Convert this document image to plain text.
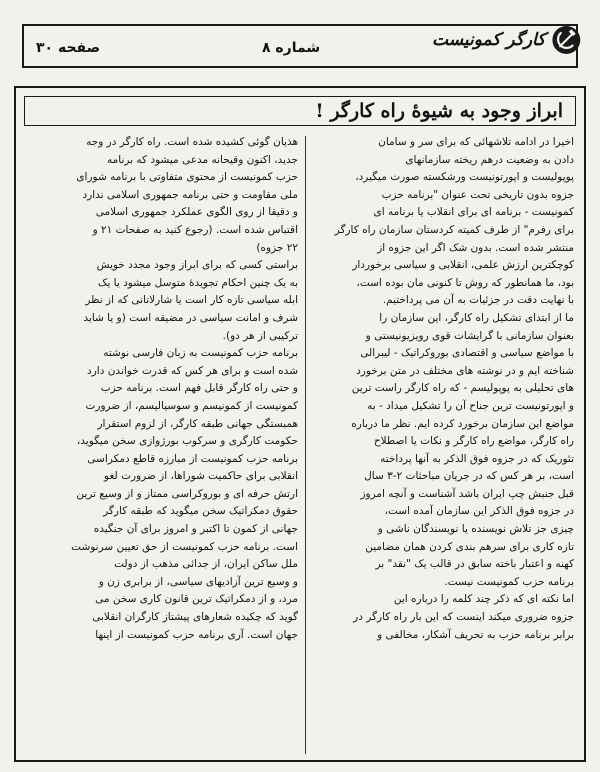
کارگر کمونیست
شماره ۸
صفحه ۳۰
ابراز وجود به شیوهٔ راه کارگر !
اخیرا در ادامه تلاشهائی که برای سر و سامان
دادن به وضعیت درهم ریخته سازمانهای
پوپولیست و اپورتونیست ورشکسته صورت میگیرد،
جزوه بدون تاریخی تحت عنوان "برنامه حزب
کمونیست - برنامه ای برای انقلاب یا برنامه ای
برای رفرم" از طرف کمیته کردستان سازمان راه کارگر
منتشر شده است. بدون شک اگر این جزوه از
کوچکترین ارزش علمی، انقلابی و سیاسی برخوردار
بود، ما همانطور که روش تا کنونی مان بوده است،
با نهایت دقت در جزئیات به آن می پرداختیم.
ما از ابتدای تشکیل راه کارگر، این سازمان را
بعنوان سازمانی با گرایشات قوی رویزیونیستی و
با مواضع سیاسی و اقتصادی بوروکراتیک - لیبرالی
شناخته ایم و در نوشته های مختلف در متن برخورد
های تحلیلی به پوپولیسم - که راه کارگر راست ترین
و اپورتونیست ترین جناح آن را تشکیل میداد - به
مواضع این سازمان برخورد کرده ایم. نظر ما درباره
راه کارگر، مواضع راه کارگر و نکات یا اصطلاح
تئوریک که در جزوه فوق الذکر به آنها پرداخته
است، بر هر کس که در جریان مباحثات ۲-۳ سال
قبل جنبش چپ ایران باشد آشناست و آنچه امروز
در جزوه فوق الذکر این سازمان آمده است،
چیزی جز تلاش نویسنده یا نویسندگان ناشی و
تازه کاری برای سرهم بندی کردن همان مضامین
کهنه و اعتبار باخته سابق در قالب یک "نقد" بر
برنامه حزب کمونیست نیست.
اما نکته ای که ذکر چند کلمه را درباره این
جزوه ضروری میکند اینست که این بار راه کارگر در
برابر برنامه حزب به تحریف آشکار، مخالفی و
هذیان گوئی کشیده شده است. راه کارگر در وجه
جدید، اکنون وقیحانه مدعی میشود که برنامه
حزب کمونیست از محتوی متفاوتی با برنامه شورای
ملی مقاومت و حتی برنامه جمهوری اسلامی ندارد
و دقیقا از روی الگوی عملکرد جمهوری اسلامی
اقتباس شده است. (رجوع کنید به صفحات ۲۱ و
۲۲ جزوه)
براستی کسی که برای ابراز وجود مجدد خویش
به یک چنین احکام تجویدهٔ متوسل میشود یا یک
ابله سیاسی تازه کار است یا شارلاتانی که از نظر
شرف و امانت سیاسی در مضیقه است (و یا شاید
ترکیبی از هر دو).
برنامه حزب کمونیست به زبان فارسی نوشته
شده است و برای هر کس که قدرت خواندن دارد
و حتی راه کارگر قابل فهم است. برنامه حزب
کمونیست از کمونیسم و سوسیالیسم، از ضرورت
همبستگی جهانی طبقه کارگر، از لزوم استقرار
حکومت کارگری و سرکوب بورژوازی سخن میگوید،
برنامه حزب کمونیست از مبارزه قاطع دمکراسی
انقلابی برای حاکمیت شوراها، از ضرورت لغو
ارتش حرفه ای و بوروکراسی ممتاز و از وسیع ترین
حقوق دمکراتیک سخن میگوید که طبقه کارگر
جهانی از کمون تا اکتبر و امروز برای آن جنگیده
است. برنامه حزب کمونیست از حق تعیین سرنوشت
ملل ساکن ایران، از جدائی مذهب از دولت
و وسیع ترین آزادیهای سیاسی، از برابری زن و
مرد، و از دمکراتیک ترین قانون کاری سخن می
گوید که چکیده شعارهای پیشتاز کارگران انقلابی
جهان است. آری برنامه حزب کمونیست از اینها
